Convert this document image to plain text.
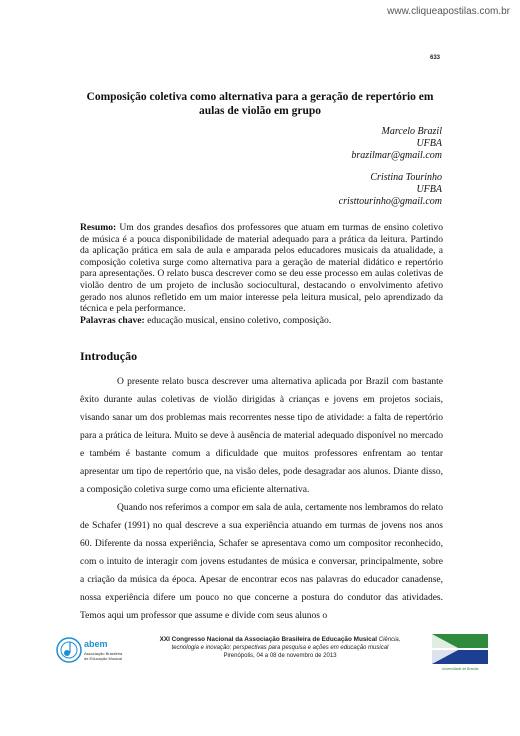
www.cliqueapostilas.com.br
633
Composição coletiva como alternativa para a geração de repertório em aulas de violão em grupo
Marcelo Brazil
UFBA
brazilmar@gmail.com
Cristina Tourinho
UFBA
cristtourinho@gmail.com
Resumo: Um dos grandes desafios dos professores que atuam em turmas de ensino coletivo de música é a pouca disponibilidade de material adequado para a prática da leitura. Partindo da aplicação prática em sala de aula e amparada pelos educadores musicais da atualidade, a composição coletiva surge como alternativa para a geração de material didático e repertório para apresentações. O relato busca descrever como se deu esse processo em aulas coletivas de violão dentro de um projeto de inclusão sociocultural, destacando o envolvimento afetivo gerado nos alunos refletido em um maior interesse pela leitura musical, pelo aprendizado da técnica e pela performance.
Palavras chave: educação musical, ensino coletivo, composição.
Introdução

O presente relato busca descrever uma alternativa aplicada por Brazil com bastante êxito durante aulas coletivas de violão dirigidas à crianças e jovens em projetos sociais, visando sanar um dos problemas mais recorrentes nesse tipo de atividade: a falta de repertório para a prática de leitura. Muito se deve à ausência de material adequado disponível no mercado e também é bastante comum a dificuldade que muitos professores enfrentam ao tentar apresentar um tipo de repertório que, na visão deles, pode desagradar aos alunos. Diante disso, a composição coletiva surge como uma eficiente alternativa.

Quando nos referimos a compor em sala de aula, certamente nos lembramos do relato de Schafer (1991) no qual descreve a sua experiência atuando em turmas de jovens nos anos 60. Diferente da nossa experiência, Schafer se apresentava como um compositor reconhecido, com o intuito de interagir com jovens estudantes de música e conversar, principalmente, sobre a criação da música da época. Apesar de encontrar ecos nas palavras do educador canadense, nossa experiência difere um pouco no que concerne a postura do condutor das atividades. Temos aqui um professor que assume e divide com seus alunos o

abem
Associação Brasileira
de Educação Musical
XXI Congresso Nacional da Associação Brasileira de Educação Musical Ciência,
tecnologia e inovação: perspectivas para pesquisa e ações em educação musical
Pirenópolis, 04 a 08 de novembro de 2013
Universidade de Brasília
